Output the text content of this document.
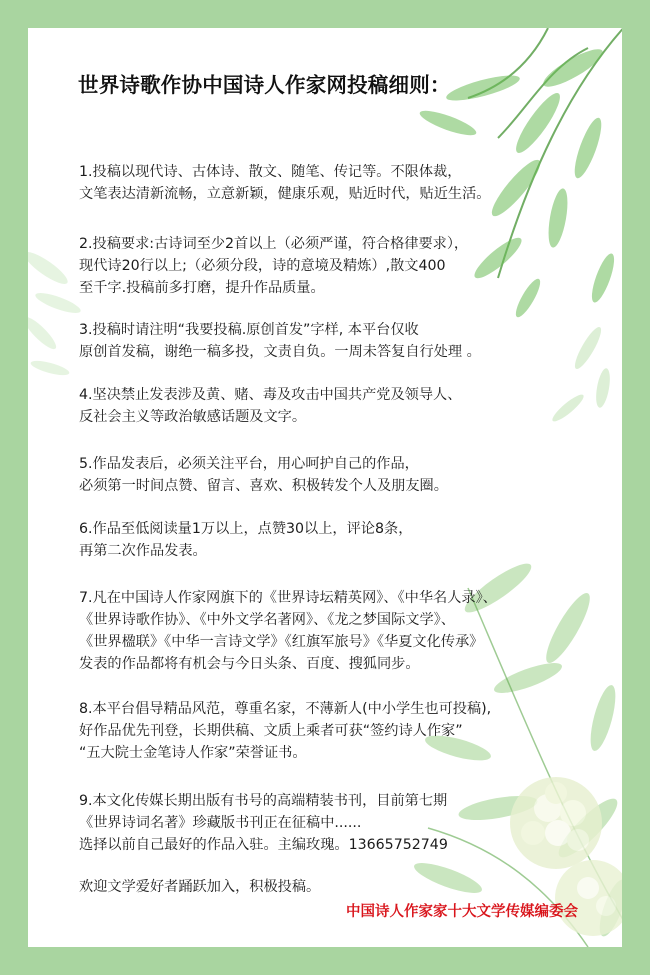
世界诗歌作协中国诗人作家网投稿细则：
1.投稿以现代诗、古体诗、散文、随笔、传记等。不限体裁，
文笔表达清新流畅，立意新颖，健康乐观，贴近时代，贴近生活。
2.投稿要求:古诗词至少2首以上（必须严谨，符合格律要求），
现代诗20行以上;（必须分段，诗的意境及精炼）,散文400
至千字.投稿前多打磨，提升作品质量。
3.投稿时请注明“我要投稿.原创首发”字样, 本平台仅收
原创首发稿，谢绝一稿多投，文责自负。一周未答复自行处理 。
4.坚决禁止发表涉及黄、赌、毒及攻击中国共产党及领导人、
反社会主义等政治敏感话题及文字。
5.作品发表后，必须关注平台，用心呵护自己的作品，
必须第一时间点赞、留言、喜欢、积极转发个人及朋友圈。
6.作品至低阅读量1万以上，点赞30以上，评论8条，
再第二次作品发表。
7.凡在中国诗人作家网旗下的《世界诗坛精英网》、《中华名人录》、
《世界诗歌作协》、《中外文学名著网》、《龙之梦国际文学》、
《世界楹联》《中华一言诗文学》《红旗军旅号》《华夏文化传承》
发表的作品都将有机会与今日头条、百度、搜狐同步。
8.本平台倡导精品风范，尊重名家，不薄新人(中小学生也可投稿),
好作品优先刊登，长期供稿、文质上乘者可获“签约诗人作家”
“五大院士金笔诗人作家”荣誉证书。
9.本文化传媒长期出版有书号的高端精装书刊，目前第七期
《世界诗词名著》珍藏版书刊正在征稿中......
选择以前自己最好的作品入驻。主编玫瑰。13665752749
欢迎文学爱好者踊跃加入，积极投稿。
中国诗人作家家十大文学传媒编委会
